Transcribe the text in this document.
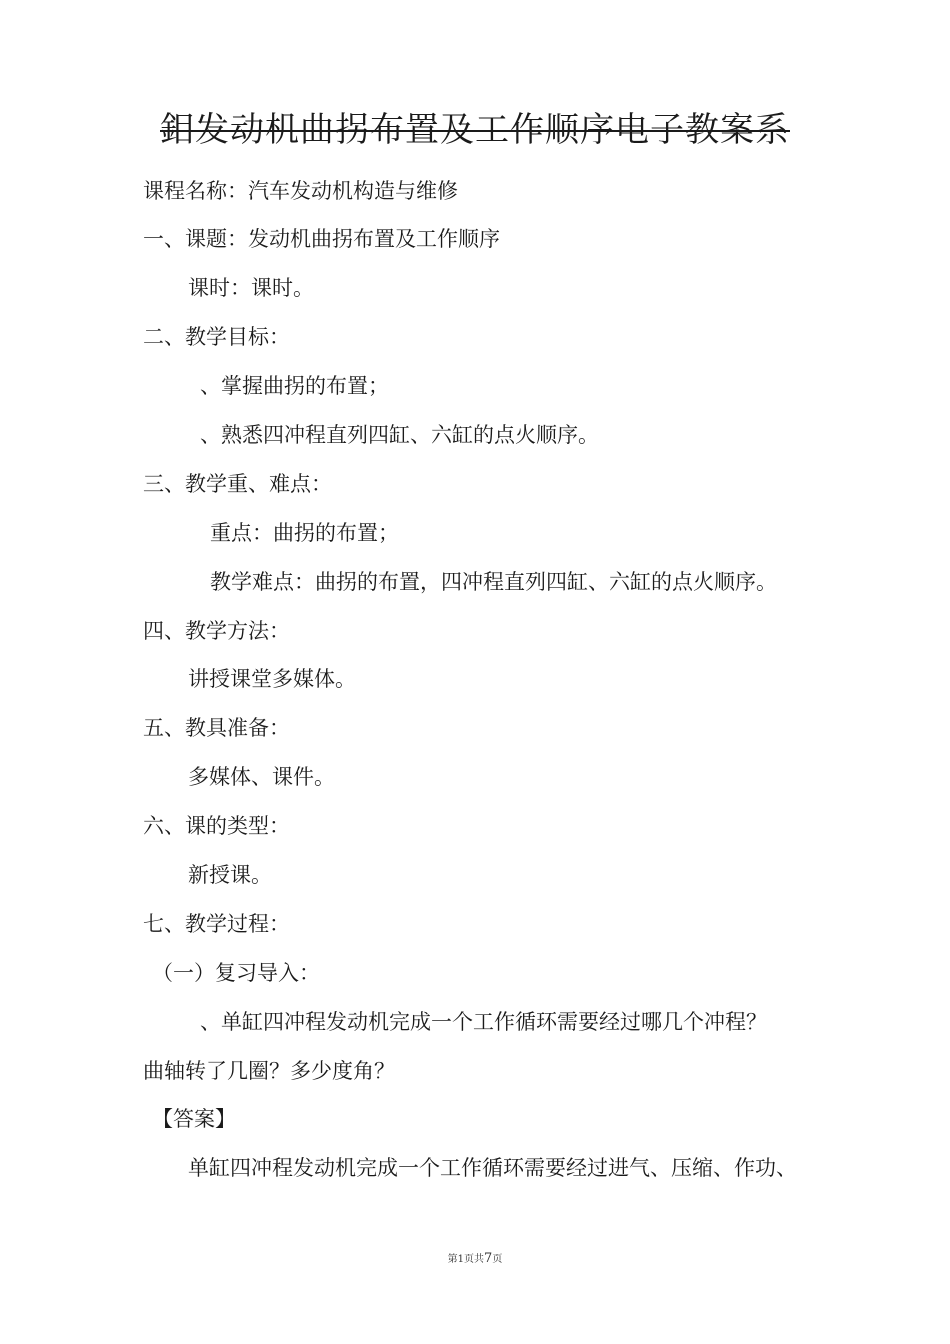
鉬发动机曲拐布置及工作顺序电子教案系
课程名称：汽车发动机构造与维修
一、课题：发动机曲拐布置及工作顺序
课时：课时。
二、教学目标：
、掌握曲拐的布置；
、熟悉四冲程直列四缸、六缸的点火顺序。
三、教学重、难点：
重点：曲拐的布置；
教学难点：曲拐的布置，四冲程直列四缸、六缸的点火顺序。
四、教学方法：
讲授课堂多媒体。
五、教具准备：
多媒体、课件。
六、课的类型：
新授课。
七、教学过程：
（一）复习导入：
、单缸四冲程发动机完成一个工作循环需要经过哪几个冲程？
曲轴转了几圈？多少度角？
【答案】
单缸四冲程发动机完成一个工作循环需要经过进气、压缩、作功、
第1页共7页
